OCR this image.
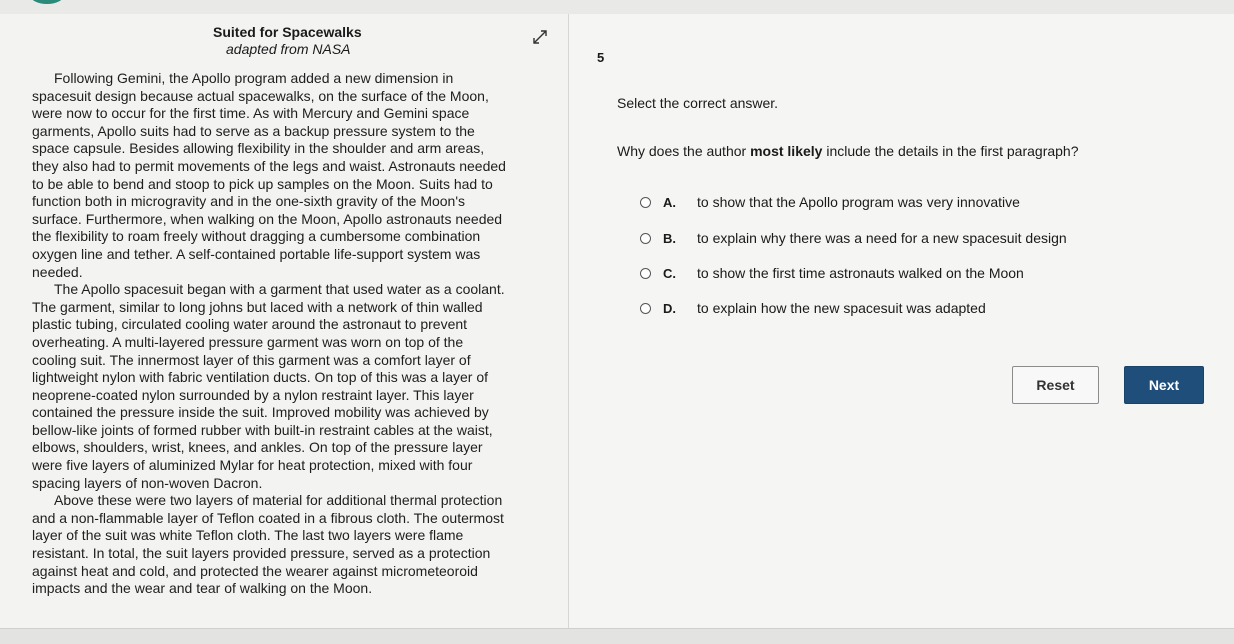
Suited for Spacewalks
adapted from NASA

Following Gemini, the Apollo program added a new dimension in
spacesuit design because actual spacewalks, on the surface of the Moon,
were now to occur for the first time. As with Mercury and Gemini space
garments, Apollo suits had to serve as a backup pressure system to the
space capsule. Besides allowing flexibility in the shoulder and arm areas,
they also had to permit movements of the legs and waist. Astronauts needed
to be able to bend and stoop to pick up samples on the Moon. Suits had to
function both in microgravity and in the one-sixth gravity of the Moon's
surface. Furthermore, when walking on the Moon, Apollo astronauts needed
the flexibility to roam freely without dragging a cumbersome combination
oxygen line and tether. A self-contained portable life-support system was
needed.

The Apollo spacesuit began with a garment that used water as a coolant.
The garment, similar to long johns but laced with a network of thin walled
plastic tubing, circulated cooling water around the astronaut to prevent
overheating. A multi-layered pressure garment was worn on top of the
cooling suit. The innermost layer of this garment was a comfort layer of
lightweight nylon with fabric ventilation ducts. On top of this was a layer of
neoprene-coated nylon surrounded by a nylon restraint layer. This layer
contained the pressure inside the suit. Improved mobility was achieved by
bellow-like joints of formed rubber with built-in restraint cables at the waist,
elbows, shoulders, wrist, knees, and ankles. On top of the pressure layer
were five layers of aluminized Mylar for heat protection, mixed with four
spacing layers of non-woven Dacron.

Above these were two layers of material for additional thermal protection
and a non-flammable layer of Teflon coated in a fibrous cloth. The outermost
layer of the suit was white Teflon cloth. The last two layers were flame
resistant. In total, the suit layers provided pressure, served as a protection
against heat and cold, and protected the wearer against micrometeoroid
impacts and the wear and tear of walking on the Moon.

5
Select the correct answer.
Why does the author most likely include the details in the first paragraph?
A.	to show that the Apollo program was very innovative
B.	to explain why there was a need for a new spacesuit design
C.	to show the first time astronauts walked on the Moon
D.	to explain how the new spacesuit was adapted
Reset	Next
